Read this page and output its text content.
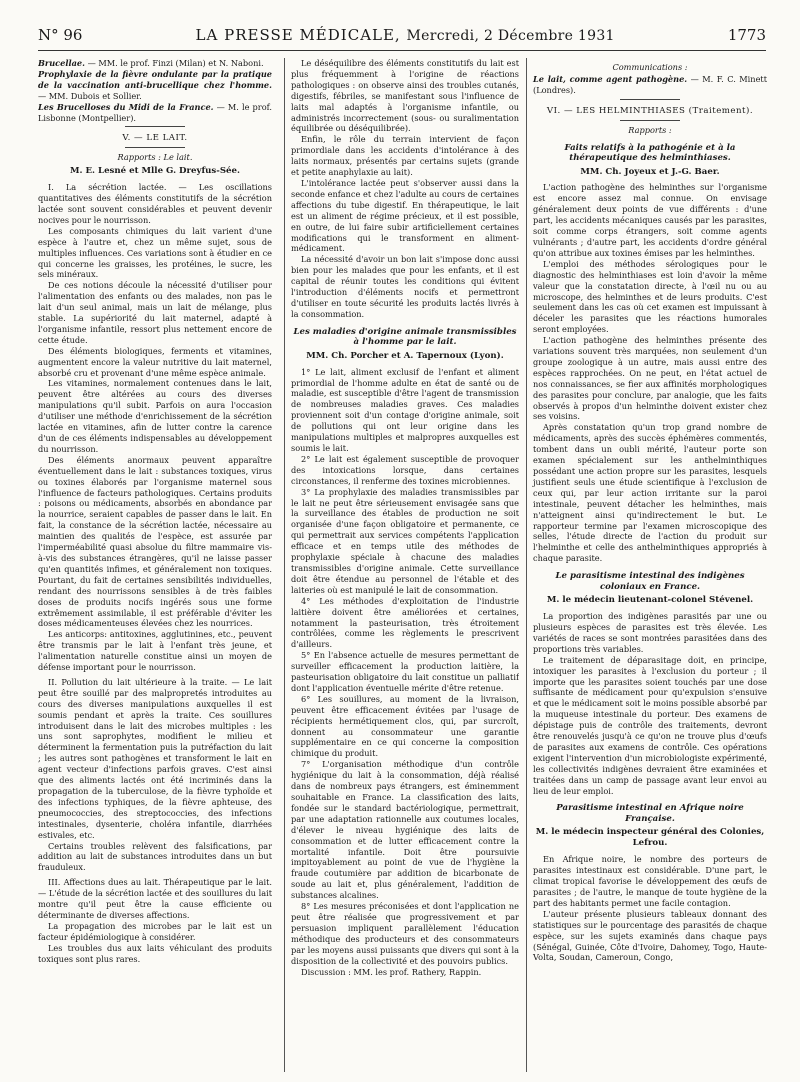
N° 96	LA PRESSE MÉDICALE, Mercredi, 2 Décembre 1931	1773

Brucellae. — MM. le prof. Finzi (Milan) et N. Naboni.

Prophylaxie de la fièvre ondulante par la pratique de la vaccination anti-brucellique chez l'homme. — MM. Dubois et Sollier.

Les Brucelloses du Midi de la France. — M. le prof. Lisbonne (Montpellier).

V. — LE LAIT.
Rapports : Le lait.
M. E. Lesné et Mlle G. Dreyfus-Sée.

I. La sécrétion lactée. — Les oscillations quantitatives des éléments constitutifs de la sécrétion lactée sont souvent considérables et peuvent devenir nocives pour le nourrisson.

Les composants chimiques du lait varient d'une espèce à l'autre et, chez un même sujet, sous de multiples influences. Ces variations sont à étudier en ce qui concerne les graisses, les protéines, le sucre, les sels minéraux.

De ces notions découle la nécessité d'utiliser pour l'alimentation des enfants ou des malades, non pas le lait d'un seul animal, mais un lait de mélange, plus stable. La supériorité du lait maternel, adapté à l'organisme infantile, ressort plus nettement encore de cette étude.

Des éléments biologiques, ferments et vitamines, augmentent encore la valeur nutritive du lait maternel, absorbé cru et provenant d'une même espèce animale.

Les vitamines, normalement contenues dans le lait, peuvent être altérées au cours des diverses manipulations qu'il subit. Parfois on aura l'occasion d'utiliser une méthode d'enrichissement de la sécrétion lactée en vitamines, afin de lutter contre la carence d'un de ces éléments indispensables au développement du nourrisson.

Des éléments anormaux peuvent apparaître éventuellement dans le lait : substances toxiques, virus ou toxines élaborés par l'organisme maternel sous l'influence de facteurs pathologiques. Certains produits : poisons ou médicaments, absorbés en abondance par la nourrice, seraient capables de passer dans le lait. En fait, la constance de la sécrétion lactée, nécessaire au maintien des qualités de l'espèce, est assurée par l'imperméabilité quasi absolue du filtre mammaire vis-à-vis des substances étrangères, qu'il ne laisse passer qu'en quantités infimes, et généralement non toxiques. Pourtant, du fait de certaines sensibilités individuelles, rendant des nourrissons sensibles à de très faibles doses de produits nocifs ingérés sous une forme extrêmement assimilable, il est préférable d'éviter les doses médicamenteuses élevées chez les nourrices.

Les anticorps: antitoxines, agglutinines, etc., peuvent être transmis par le lait à l'enfant très jeune, et l'alimentation naturelle constitue ainsi un moyen de défense important pour le nourrisson.

II. Pollution du lait ultérieure à la traite. — Le lait peut être souillé par des malpropretés introduites au cours des diverses manipulations auxquelles il est soumis pendant et après la traite. Ces souillures introduisent dans le lait des microbes multiples : les uns sont saprophytes, modifient le milieu et déterminent la fermentation puis la putréfaction du lait ; les autres sont pathogènes et transforment le lait en agent vecteur d'infections parfois graves. C'est ainsi que des aliments lactés ont été incriminés dans la propagation de la tuberculose, de la fièvre typhoïde et des infections typhiques, de la fièvre aphteuse, des pneumococcies, des streptococcies, des infections intestinales, dysenterie, choléra infantile, diarrhées estivales, etc.

Certains troubles relèvent des falsifications, par addition au lait de substances introduites dans un but frauduleux.

III. Affections dues au lait. Thérapeutique par le lait. — L'étude de la sécrétion lactée et des souillures du lait montre qu'il peut être la cause efficiente ou déterminante de diverses affections.

La propagation des microbes par le lait est un facteur épidémiologique à considérer.

Les troubles dus aux laits véhiculant des produits toxiques sont plus rares.

Le déséquilibre des éléments constitutifs du lait est plus fréquemment à l'origine de réactions pathologiques : on observe ainsi des troubles cutanés, digestifs, fébriles, se manifestant sous l'influence de laits mal adaptés à l'organisme infantile, ou administrés incorrectement (sous- ou suralimentation équilibrée ou déséquilibrée).

Enfin, le rôle du terrain intervient de façon primordiale dans les accidents d'intolérance à des laits normaux, présentés par certains sujets (grande et petite anaphylaxie au lait).

L'intolérance lactée peut s'observer aussi dans la seconde enfance et chez l'adulte au cours de certaines affections du tube digestif. En thérapeutique, le lait est un aliment de régime précieux, et il est possible, en outre, de lui faire subir artificiellement certaines modifications qui le transforment en aliment-médicament.

La nécessité d'avoir un bon lait s'impose donc aussi bien pour les malades que pour les enfants, et il est capital de réunir toutes les conditions qui évitent l'introduction d'éléments nocifs et permettront d'utiliser en toute sécurité les produits lactés livrés à la consommation.

Les maladies d'origine animale transmissibles à l'homme par le lait.
MM. Ch. Porcher et A. Tapernoux (Lyon).

1° Le lait, aliment exclusif de l'enfant et aliment primordial de l'homme adulte en état de santé ou de maladie, est susceptible d'être l'agent de transmission de nombreuses maladies graves. Ces maladies proviennent soit d'un contage d'origine animale, soit de pollutions qui ont leur origine dans les manipulations multiples et malpropres auxquelles est soumis le lait.

2° Le lait est également susceptible de provoquer des intoxications lorsque, dans certaines circonstances, il renferme des toxines microbiennes.

3° La prophylaxie des maladies transmissibles par le lait ne peut être sérieusement envisagée sans que la surveillance des étables de production ne soit organisée d'une façon obligatoire et permanente, ce qui permettrait aux services compétents l'application efficace et en temps utile des méthodes de prophylaxie spéciale à chacune des maladies transmissibles d'origine animale. Cette surveillance doit être étendue au personnel de l'étable et des laiteries où est manipulé le lait de consommation.

4° Les méthodes d'exploitation de l'industrie laitière doivent être améliorées et certaines, notamment la pasteurisation, très étroitement contrôlées, comme les règlements le prescrivent d'ailleurs.

5° En l'absence actuelle de mesures permettant de surveiller efficacement la production laitière, la pasteurisation obligatoire du lait constitue un palliatif dont l'application éventuelle mérite d'être retenue.

6° Les souillures, au moment de la livraison, peuvent être efficacement évitées par l'usage de récipients hermétiquement clos, qui, par surcroît, donnent au consommateur une garantie supplémentaire en ce qui concerne la composition chimique du produit.

7° L'organisation méthodique d'un contrôle hygiénique du lait à la consommation, déjà réalisé dans de nombreux pays étrangers, est éminemment souhaitable en France. La classification des laits, fondée sur le standard bactériologique, permettrait, par une adaptation rationnelle aux coutumes locales, d'élever le niveau hygiénique des laits de consommation et de lutter efficacement contre la mortalité infantile. Doit être poursuivie impitoyablement au point de vue de l'hygiène la fraude coutumière par addition de bicarbonate de soude au lait et, plus généralement, l'addition de substances alcalines.

8° Les mesures préconisées et dont l'application ne peut être réalisée que progressivement et par persuasion impliquent parallèlement l'éducation méthodique des producteurs et des consommateurs par les moyens aussi puissants que divers qui sont à la disposition de la collectivité et des pouvoirs publics.

Discussion : MM. les prof. Rathery, Rappin.

Communications :

Le lait, comme agent pathogène. — M. F. C. Minett (Londres).

VI. — LES HELMINTHIASES (Traitement).
Rapports :
Faits relatifs à la pathogénie et à la thérapeutique des helminthiases.
MM. Ch. Joyeux et J.-G. Baer.

L'action pathogène des helminthes sur l'organisme est encore assez mal connue. On envisage généralement deux points de vue différents : d'une part, les accidents mécaniques causés par les parasites, soit comme corps étrangers, soit comme agents vulnérants ; d'autre part, les accidents d'ordre général qu'on attribue aux toxines émises par les helminthes.

L'emploi des méthodes sérologiques pour le diagnostic des helminthiases est loin d'avoir la même valeur que la constatation directe, à l'œil nu ou au microscope, des helminthes et de leurs produits. C'est seulement dans les cas où cet examen est impuissant à déceler les parasites que les réactions humorales seront employées.

L'action pathogène des helminthes présente des variations souvent très marquées, non seulement d'un groupe zoologique à un autre, mais aussi entre des espèces rapprochées. On ne peut, en l'état actuel de nos connaissances, se fier aux affinités morphologiques des parasites pour conclure, par analogie, que les faits observés à propos d'un helminthe doivent exister chez ses voisins.

Après constatation qu'un trop grand nombre de médicaments, après des succès éphémères commentés, tombent dans un oubli mérité, l'auteur porte son examen spécialement sur les anthelminthiques possédant une action propre sur les parasites, lesquels justifient seuls une étude scientifique à l'exclusion de ceux qui, par leur action irritante sur la paroi intestinale, peuvent détacher les helminthes, mais n'atteignent ainsi qu'indirectement le but. Le rapporteur termine par l'examen microscopique des selles, l'étude directe de l'action du produit sur l'helminthe et celle des anthelminthiques appropriés à chaque parasite.

Le parasitisme intestinal des indigènes coloniaux en France.
M. le médecin lieutenant-colonel Stévenel.

La proportion des indigènes parasités par une ou plusieurs espèces de parasites est très élevée. Les variétés de races se sont montrées parasitées dans des proportions très variables.

Le traitement de déparasitage doit, en principe, intoxiquer les parasites à l'exclusion du porteur ; il importe que les parasites soient touchés par une dose suffisante de médicament pour qu'expulsion s'ensuive et que le médicament soit le moins possible absorbé par la muqueuse intestinale du porteur. Des examens de dépistage puis de contrôle des traitements, devront être renouvelés jusqu'à ce qu'on ne trouve plus d'œufs de parasites aux examens de contrôle. Ces opérations exigent l'intervention d'un microbiologiste expérimenté, les collectivités indigènes devraient être examinées et traitées dans un camp de passage avant leur envoi au lieu de leur emploi.

Parasitisme intestinal en Afrique noire Française.
M. le médecin inspecteur général des Colonies, Lefrou.

En Afrique noire, le nombre des porteurs de parasites intestinaux est considérable. D'une part, le climat tropical favorise le développement des œufs de parasites ; de l'autre, le manque de toute hygiène de la part des habitants permet une facile contagion.

L'auteur présente plusieurs tableaux donnant des statistiques sur le pourcentage des parasités de chaque espèce, sur les sujets examinés dans chaque pays (Sénégal, Guinée, Côte d'Ivoire, Dahomey, Togo, Haute-Volta, Soudan, Cameroun, Congo,
